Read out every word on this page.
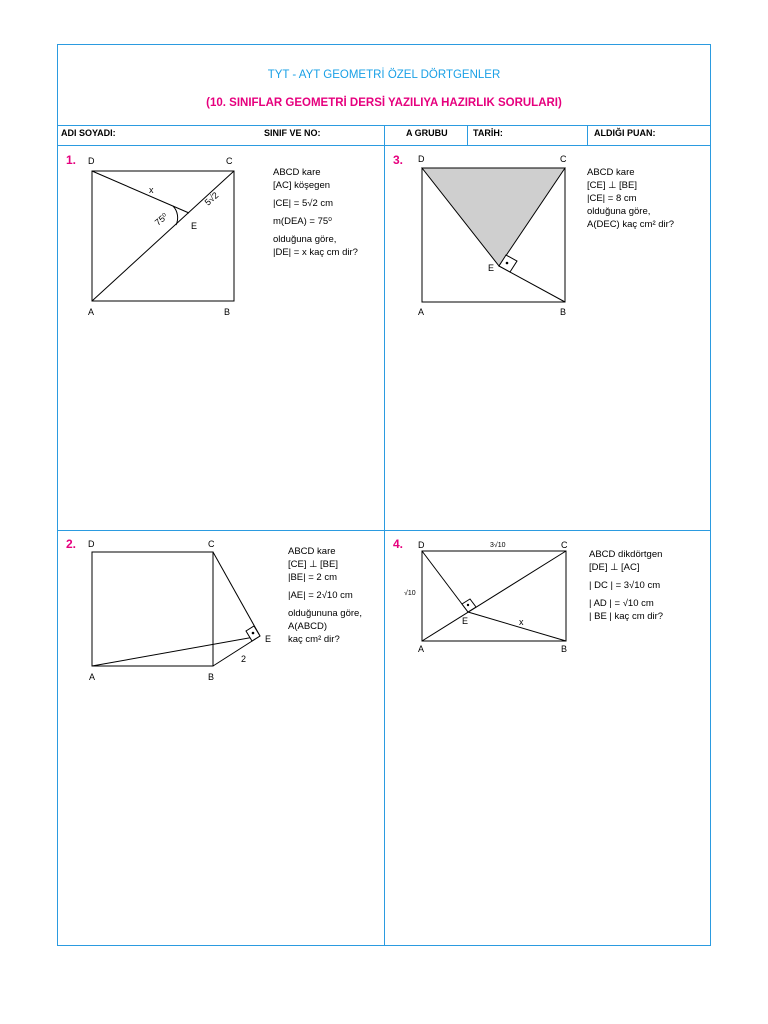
TYT - AYT GEOMETRİ ÖZEL DÖRTGENLER
(10. SINIFLAR GEOMETRİ DERSİ YAZILIYA HAZIRLIK SORULARI)
ADI SOYADI:	SINIF VE NO:	A GRUBU	TARİH:	ALDIĞI PUAN:
1. D	C
A	B
E
x
75⁰
5√2
ABCD kare
[AC] köşegen
|CE| = 5√2 cm
m(DEA) = 75⁰
olduğuna göre,
|DE| = x kaç cm dir?
3. D	C
A	B
E
ABCD kare
[CE] ⊥ [BE]
|CE| = 8 cm
olduğuna göre,
A(DEC) kaç cm² dir?
2. D	C
A	B
E
2
ABCD kare
[CE] ⊥ [BE]
|BE| = 2 cm
|AE| = 2√10 cm
olduğununa göre,
A(ABCD)
kaç cm² dir?
4. D	C
A	B
E	x
3√10
√10
ABCD dikdörtgen
[DE] ⊥ [AC]
| DC | = 3√10 cm
| AD | = √10 cm
| BE | kaç cm dir?
